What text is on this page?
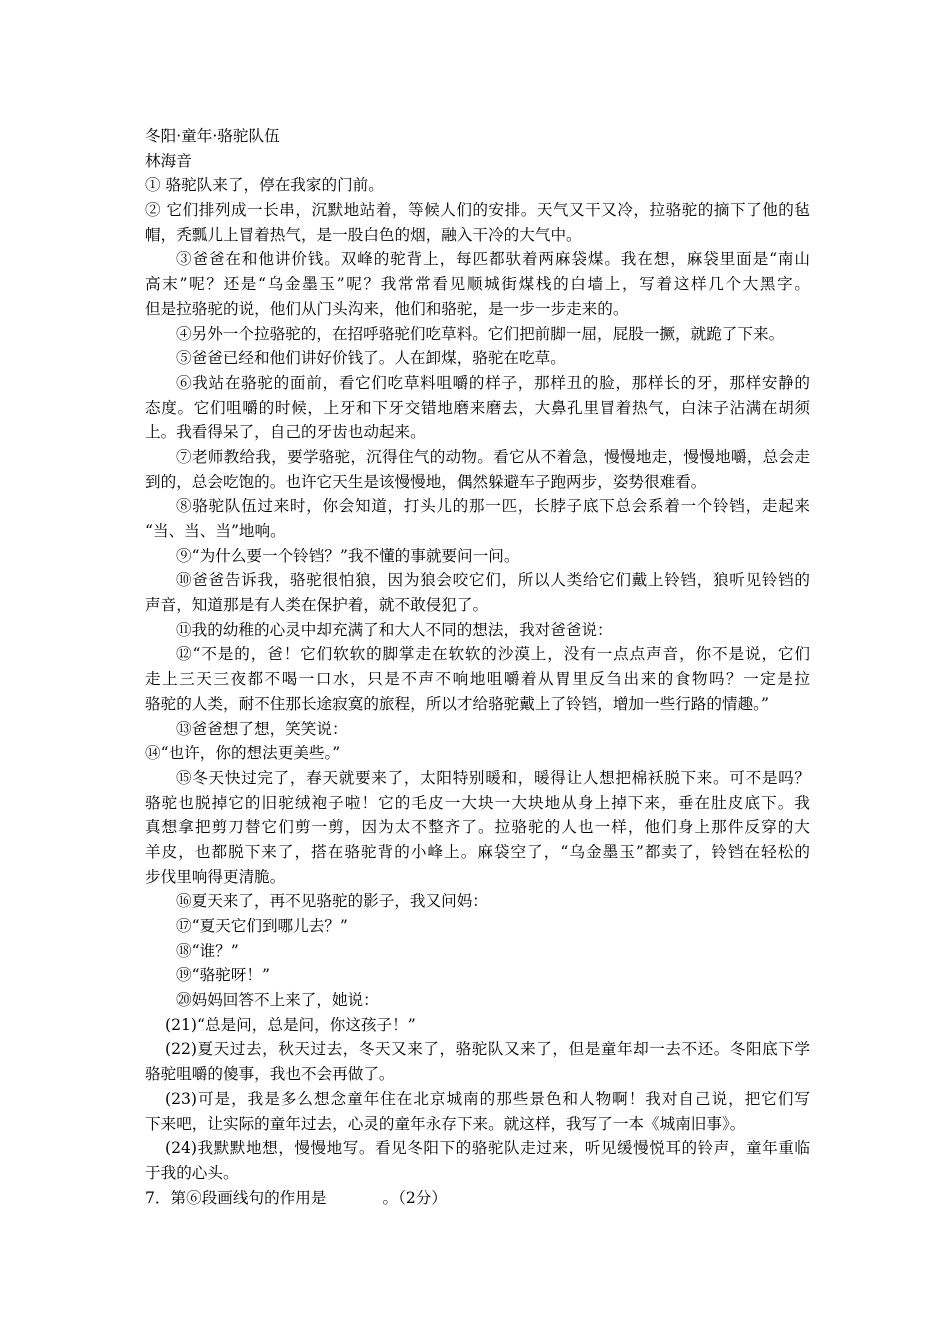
冬阳·童年·骆驼队伍
林海音
① 骆驼队来了，停在我家的门前。
② 它们排列成一长串，沉默地站着，等候人们的安排。天气又干又冷，拉骆驼的摘下了他的毡
帽，秃瓢儿上冒着热气，是一股白色的烟，融入干冷的大气中。
③爸爸在和他讲价钱。双峰的驼背上，每匹都驮着两麻袋煤。我在想，麻袋里面是“南山
高末”呢？还是“乌金墨玉”呢？我常常看见顺城街煤栈的白墙上，写着这样几个大黑字。
但是拉骆驼的说，他们从门头沟来，他们和骆驼，是一步一步走来的。
④另外一个拉骆驼的，在招呼骆驼们吃草料。它们把前脚一屈，屁股一撅，就跪了下来。
⑤爸爸已经和他们讲好价钱了。人在卸煤，骆驼在吃草。
⑥我站在骆驼的面前，看它们吃草料咀嚼的样子，那样丑的脸，那样长的牙，那样安静的
态度。它们咀嚼的时候，上牙和下牙交错地磨来磨去，大鼻孔里冒着热气，白沫子沾满在胡须
上。我看得呆了，自己的牙齿也动起来。
⑦老师教给我，要学骆驼，沉得住气的动物。看它从不着急，慢慢地走，慢慢地嚼，总会走
到的，总会吃饱的。也许它天生是该慢慢地，偶然躲避车子跑两步，姿势很难看。
⑧骆驼队伍过来时，你会知道，打头儿的那一匹，长脖子底下总会系着一个铃铛，走起来
“当、当、当”地响。
⑨“为什么要一个铃铛？”我不懂的事就要问一问。
⑩爸爸告诉我，骆驼很怕狼，因为狼会咬它们，所以人类给它们戴上铃铛，狼听见铃铛的
声音，知道那是有人类在保护着，就不敢侵犯了。
⑪我的幼稚的心灵中却充满了和大人不同的想法，我对爸爸说：
⑫“不是的，爸！它们软软的脚掌走在软软的沙漠上，没有一点点声音，你不是说，它们
走上三天三夜都不喝一口水，只是不声不响地咀嚼着从胃里反刍出来的食物吗？一定是拉
骆驼的人类，耐不住那长途寂寞的旅程，所以才给骆驼戴上了铃铛，增加一些行路的情趣。”
⑬爸爸想了想，笑笑说：
⑭“也许，你的想法更美些。”
⑮冬天快过完了，春天就要来了，太阳特别暖和，暖得让人想把棉袄脱下来。可不是吗？
骆驼也脱掉它的旧驼绒袍子啦！它的毛皮一大块一大块地从身上掉下来，垂在肚皮底下。我
真想拿把剪刀替它们剪一剪，因为太不整齐了。拉骆驼的人也一样，他们身上那件反穿的大
羊皮，也都脱下来了，搭在骆驼背的小峰上。麻袋空了，“乌金墨玉”都卖了，铃铛在轻松的
步伐里响得更清脆。
⑯夏天来了，再不见骆驼的影子，我又问妈：
⑰“夏天它们到哪儿去？”
⑱“谁？”
⑲“骆驼呀！”
⑳妈妈回答不上来了，她说：
(21)“总是问，总是问，你这孩子！”
(22)夏天过去，秋天过去，冬天又来了，骆驼队又来了，但是童年却一去不还。冬阳底下学
骆驼咀嚼的傻事，我也不会再做了。
(23)可是，我是多么想念童年住在北京城南的那些景色和人物啊！我对自己说，把它们写
下来吧，让实际的童年过去，心灵的童年永存下来。就这样，我写了一本《城南旧事》。
(24)我默默地想，慢慢地写。看见冬阳下的骆驼队走过来，听见缓慢悦耳的铃声，童年重临
于我的心头。
7．第⑥段画线句的作用是	。（2分）
